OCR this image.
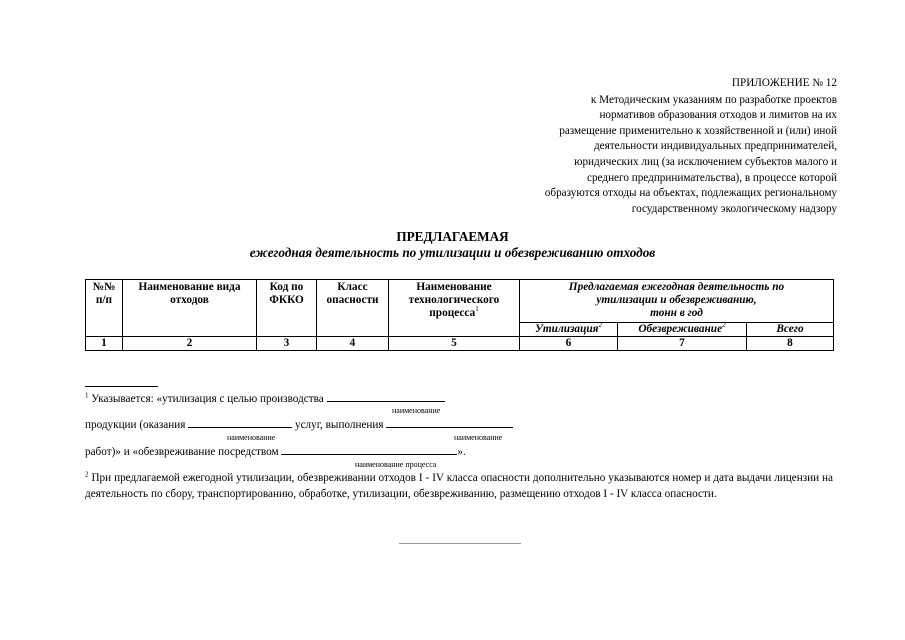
ПРИЛОЖЕНИЕ № 12
к Методическим указаниям по разработке проектов
нормативов образования отходов и лимитов на их
размещение применительно к хозяйственной и (или) иной
деятельности индивидуальных предпринимателей,
юридических лиц (за исключением субъектов малого и
среднего предпринимательства), в процессе которой
образуются отходы на объектах, подлежащих региональному
государственному экологическому надзору
ПРЕДЛАГАЕМАЯ
ежегодная деятельность по утилизации и обезвреживанию отходов
№№ п/п	Наименование вида отходов	Код по ФККО	Класс опасности	Наименование технологического процесса$^1$	Предлагаемая ежегодная деятельность по
утилизации и обезвреживанию,
тонн в год		

					Утилизация$^2$	Обезвреживание$^2$	Всего
1	2	3	4	5	6	7	8
$^1$ Указывается: «утилизация с целью производства
наименование
продукции (оказания	услуг, выполнения
наименование	наименование
работ)» и «обезвреживание посредством	».
наименование процесса
$^2$ При предлагаемой ежегодной утилизации, обезвреживании отходов I - IV класса опасности дополнительно указываются номер и дата выдачи лицензии на деятельность по сбору, транспортированию, обработке, утилизации, обезвреживанию, размещению отходов I - IV класса опасности.
